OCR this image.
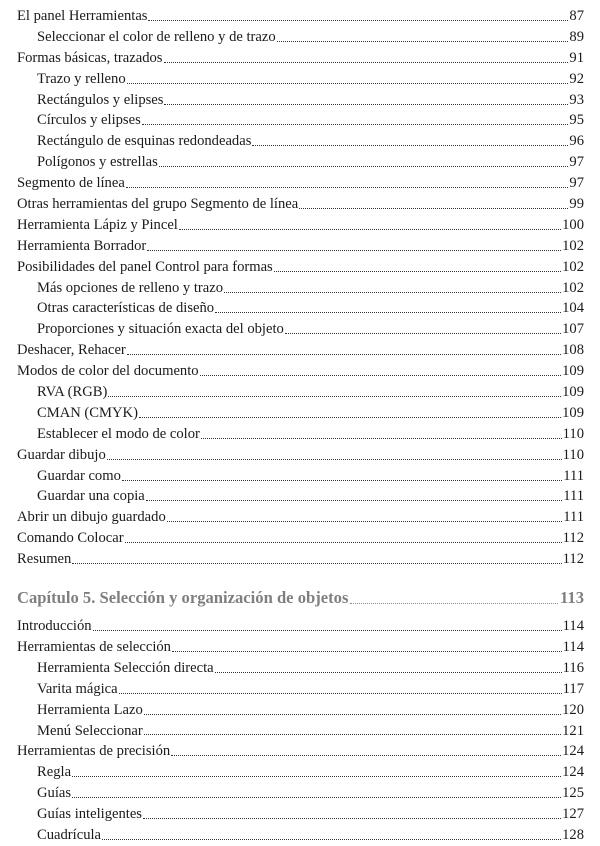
El panel Herramientas	87
Seleccionar el color de relleno y de trazo	89
Formas básicas, trazados	91
Trazo y relleno	92
Rectángulos y elipses	93
Círculos y elipses	95
Rectángulo de esquinas redondeadas	96
Polígonos y estrellas	97
Segmento de línea	97
Otras herramientas del grupo Segmento de línea	99
Herramienta Lápiz y Pincel	100
Herramienta Borrador	102
Posibilidades del panel Control para formas	102
Más opciones de relleno y trazo	102
Otras características de diseño	104
Proporciones y situación exacta del objeto	107
Deshacer, Rehacer	108
Modos de color del documento	109
RVA (RGB)	109
CMAN (CMYK)	109
Establecer el modo de color	110
Guardar dibujo	110
Guardar como	111
Guardar una copia	111
Abrir un dibujo guardado	111
Comando Colocar	112
Resumen	112
Capítulo 5. Selección y organización de objetos	113
Introducción	114
Herramientas de selección	114
Herramienta Selección directa	116
Varita mágica	117
Herramienta Lazo	120
Menú Seleccionar	121
Herramientas de precisión	124
Regla	124
Guías	125
Guías inteligentes	127
Cuadrícula	128
